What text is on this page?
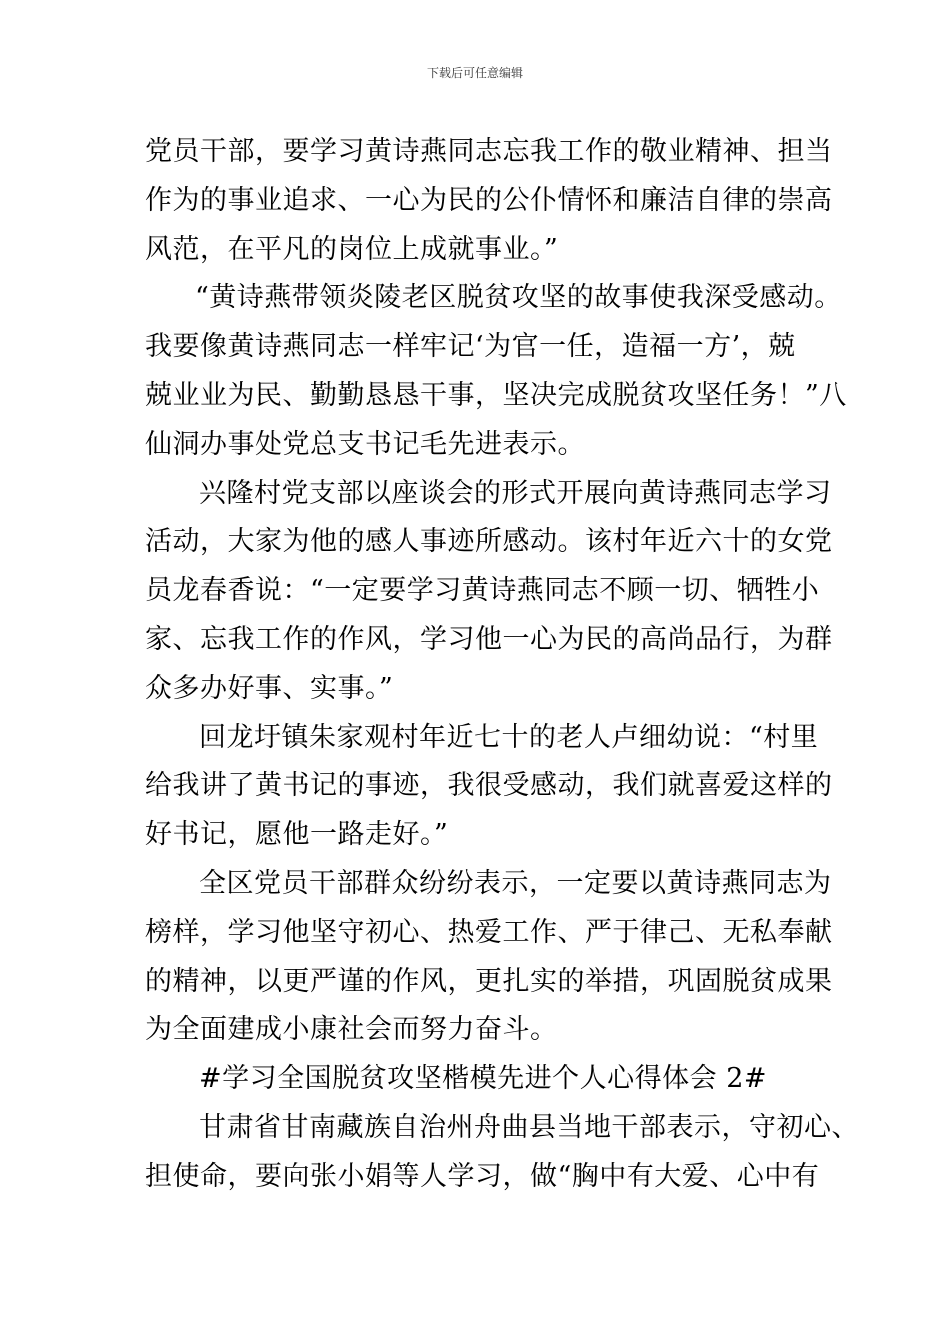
下载后可任意编辑
党员干部，要学习黄诗燕同志忘我工作的敬业精神、担当
作为的事业追求、一心为民的公仆情怀和廉洁自律的崇高
风范，在平凡的岗位上成就事业。”
“黄诗燕带领炎陵老区脱贫攻坚的故事使我深受感动。
我要像黄诗燕同志一样牢记‘为官一任，造福一方’，兢
兢业业为民、勤勤恳恳干事，坚决完成脱贫攻坚任务！”八
仙洞办事处党总支书记毛先进表示。
兴隆村党支部以座谈会的形式开展向黄诗燕同志学习
活动，大家为他的感人事迹所感动。该村年近六十的女党
员龙春香说：“一定要学习黄诗燕同志不顾一切、牺牲小
家、忘我工作的作风，学习他一心为民的高尚品行，为群
众多办好事、实事。”
回龙圩镇朱家观村年近七十的老人卢细幼说：“村里
给我讲了黄书记的事迹，我很受感动，我们就喜爱这样的
好书记，愿他一路走好。”
全区党员干部群众纷纷表示，一定要以黄诗燕同志为
榜样，学习他坚守初心、热爱工作、严于律己、无私奉献
的精神，以更严谨的作风，更扎实的举措，巩固脱贫成果
为全面建成小康社会而努力奋斗。
#学习全国脱贫攻坚楷模先进个人心得体会 2#
甘肃省甘南藏族自治州舟曲县当地干部表示，守初心、
担使命，要向张小娟等人学习，做“胸中有大爱、心中有
